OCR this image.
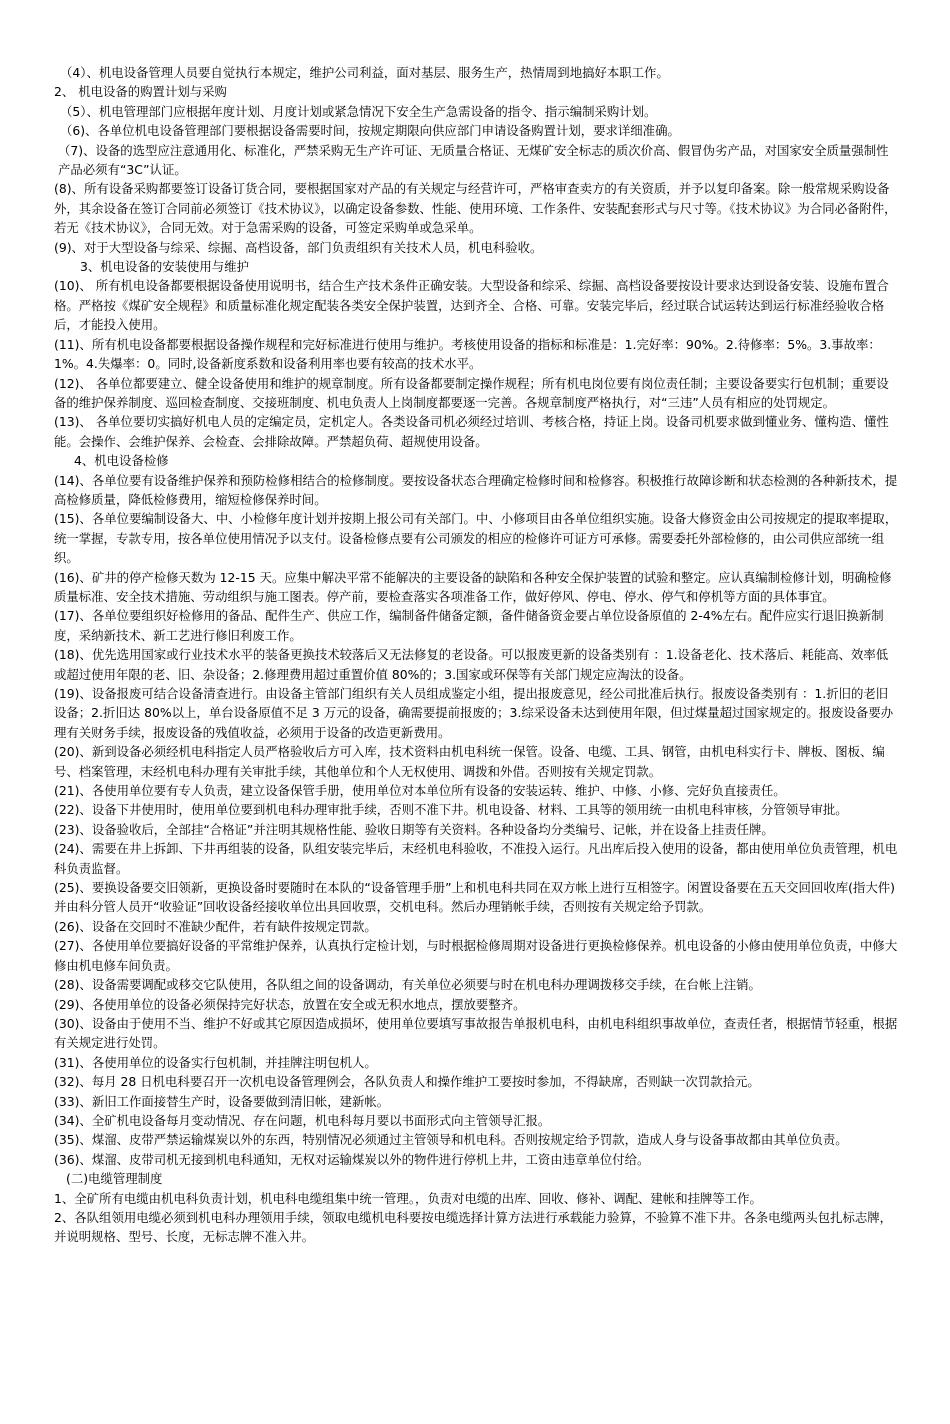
（4）、机电设备管理人员要自觉执行本规定，维护公司利益，面对基层、服务生产，热情周到地搞好本职工作。

2、 机电设备的购置计划与采购

（5）、机电管理部门应根据年度计划、月度计划或紧急情况下安全生产急需设备的指令、指示编制采购计划。

（6)、各单位机电设备管理部门要根据设备需要时间，按规定期限向供应部门申请设备购置计划，要求详细准确。

（7)、设备的选型应注意通用化、标准化，严禁采购无生产许可证、无质量合格证、无煤矿安全标志的质次价高、假冒伪劣产品，对国家安全质量强制性产品必须有“3C”认证。

(8)、所有设备采购都要签订设备订货合同，要根据国家对产品的有关规定与经营许可，严格审查卖方的有关资质，并予以复印备案。除一般常规采购设备外，其余设备在签订合同前必须签订《技术协议》，以确定设备参数、性能、使用环境、工作条件、安装配套形式与尺寸等。《技术协议》为合同必备附件，若无《技术协议》，合同无效。对于急需采购的设备，可签定采购单或急采单。

(9)、对于大型设备与综采、综掘、高档设备，部门负责组织有关技术人员，机电科验收。

3、机电设备的安装使用与维护

(10)、 所有机电设备都要根据设备使用说明书，结合生产技术条件正确安装。大型设备和综采、综掘、高档设备要按设计要求达到设备安装、设施布置合格。严格按《煤矿安全规程》和质量标准化规定配装各类安全保护装置，达到齐全、合格、可靠。安装完毕后，经过联合试运转达到运行标准经验收合格后，才能投入使用。

(11)、所有机电设备都要根据设备操作规程和完好标准进行使用与维护。考核使用设备的指标和标准是：1.完好率：90%。2.待修率：5%。3.事故率：1%。4.失爆率：0。同时,设备新度系数和设备利用率也要有较高的技术水平。

(12)、 各单位都要建立、健全设备使用和维护的规章制度。所有设备都要制定操作规程；所有机电岗位要有岗位责任制；主要设备要实行包机制；重要设备的维护保养制度、巡回检查制度、交接班制度、机电负责人上岗制度都要逐一完善。各规章制度严格执行，对“三违”人员有相应的处罚规定。

(13)、 各单位要切实搞好机电人员的定编定员，定机定人。各类设备司机必须经过培训、考核合格，持证上岗。设备司机要求做到懂业务、懂构造、懂性能。会操作、会维护保养、会检查、会排除故障。严禁超负荷、超规使用设备。

4、机电设备检修

(14)、各单位要有设备维护保养和预防检修相结合的检修制度。要按设备状态合理确定检修时间和检修容。积极推行故障诊断和状态检测的各种新技术，提高检修质量，降低检修费用，缩短检修保养时间。

(15)、各单位要编制设备大、中、小检修年度计划并按期上报公司有关部门。中、小修项目由各单位组织实施。设备大修资金由公司按规定的提取率提取，统一掌握，专款专用，按各单位使用情况予以支付。设备检修点要有公司颁发的相应的检修许可证方可承修。需要委托外部检修的，由公司供应部统一组织。

(16)、矿井的停产检修天数为 12-15 天。应集中解决平常不能解决的主要设备的缺陷和各种安全保护装置的试验和整定。应认真编制检修计划，明确检修质量标准、安全技术措施、劳动组织与施工图表。停产前，要检查落实各项准备工作，做好停风、停电、停水、停气和停机等方面的具体事宜。

(17)、各单位要组织好检修用的备品、配件生产、供应工作，编制备件储备定额，备件储备资金要占单位设备原值的 2-4%左右。配件应实行退旧换新制度，采纳新技术、新工艺进行修旧利废工作。

(18)、优先选用国家或行业技术水平的装备更换技术较落后又无法修复的老设备。可以报废更新的设备类别有 ：1.设备老化、技术落后、耗能高、效率低或超过使用年限的老、旧、杂设备；2.修理费用超过重置价值 80%的；3.国家或环保等有关部门规定应淘汰的设备。

(19)、设备报废可结合设备清查进行。由设备主管部门组织有关人员组成鉴定小组，提出报废意见，经公司批准后执行。报废设备类别有 ：1.折旧的老旧设备；2.折旧达 80%以上，单台设备原值不足 3 万元的设备，确需要提前报废的；3.综采设备未达到使用年限，但过煤量超过国家规定的。报废设备要办理有关财务手续，报废设备的残值收益，必须用于设备的改造更新费用。

(20)、新到设备必须经机电科指定人员严格验收后方可入库，技术资料由机电科统一保管。设备、电缆、工具、钢管，由机电科实行卡、牌板、图板、编号、档案管理，末经机电科办理有关审批手续，其他单位和个人无权使用、调拨和外借。否则按有关规定罚款。

(21)、各使用单位要有专人负责，建立设备保管手册，使用单位对本单位所有设备的安装运转、维护、中修、小修、完好负直接责任。

(22)、设备下井使用时，使用单位要到机电科办理审批手续，否则不准下井。机电设备、材料、工具等的领用统一由机电科审核，分管领导审批。

(23)、设备验收后，全部挂“合格证”并注明其规格性能、验收日期等有关资料。各种设备均分类编号、记帐，并在设备上挂责任牌。

(24)、需要在井上拆卸、下井再组装的设备，队组安装完毕后，末经机电科验收，不准投入运行。凡出库后投入使用的设备，都由使用单位负责管理，机电科负责监督。

(25)、要换设备要交旧领新，更换设备时要随时在本队的“设备管理手册”上和机电科共同在双方帐上进行互相签字。闲置设备要在五天交回回收库(指大件)并由科分管人员开“收验证”回收设备经接收单位出具回收票，交机电科。然后办理销帐手续，否则按有关规定给予罚款。

(26)、设备在交回时不准缺少配件，若有缺件按规定罚款。

(27)、各使用单位要搞好设备的平常维护保养，认真执行定检计划，与时根据检修周期对设备进行更换检修保养。机电设备的小修由使用单位负责，中修大修由机电修车间负责。

(28)、设备需要调配或移交它队使用，各队组之间的设备调动，有关单位必须要与时在机电科办理调拨移交手续，在台帐上注销。

(29)、各使用单位的设备必须保持完好状态，放置在安全或无积水地点，摆放要整齐。

(30)、设备由于使用不当、维护不好或其它原因造成损坏，使用单位要填写事故报告单报机电科，由机电科组织事故单位，查责任者，根据情节轻重，根据有关规定进行处罚。

(31)、各使用单位的设备实行包机制，并挂牌注明包机人。

(32)、每月 28 日机电科要召开一次机电设备管理例会，各队负责人和操作维护工要按时参加，不得缺席，否则缺一次罚款拾元。

(33)、新旧工作面接替生产时，设备要做到清旧帐，建新帐。

(34)、全矿机电设备每月变动情况、存在问题，机电科每月要以书面形式向主管领导汇报。

(35)、煤溜、皮带严禁运输煤炭以外的东西，特别情况必须通过主管领导和机电科。否则按规定给予罚款，造成人身与设备事故都由其单位负责。

(36)、煤溜、皮带司机无接到机电科通知，无权对运输煤炭以外的物件进行停机上井，工资由违章单位付给。

(二)电缆管理制度

1、全矿所有电缆由机电科负责计划，机电科电缆组集中统一管理。，负责对电缆的出库、回收、修补、调配、建帐和挂牌等工作。

2、各队组领用电缆必须到机电科办理领用手续，领取电缆机电科要按电缆选择计算方法进行承载能力验算，不验算不准下井。各条电缆两头包扎标志牌，并说明规格、型号、长度，无标志牌不准入井。
